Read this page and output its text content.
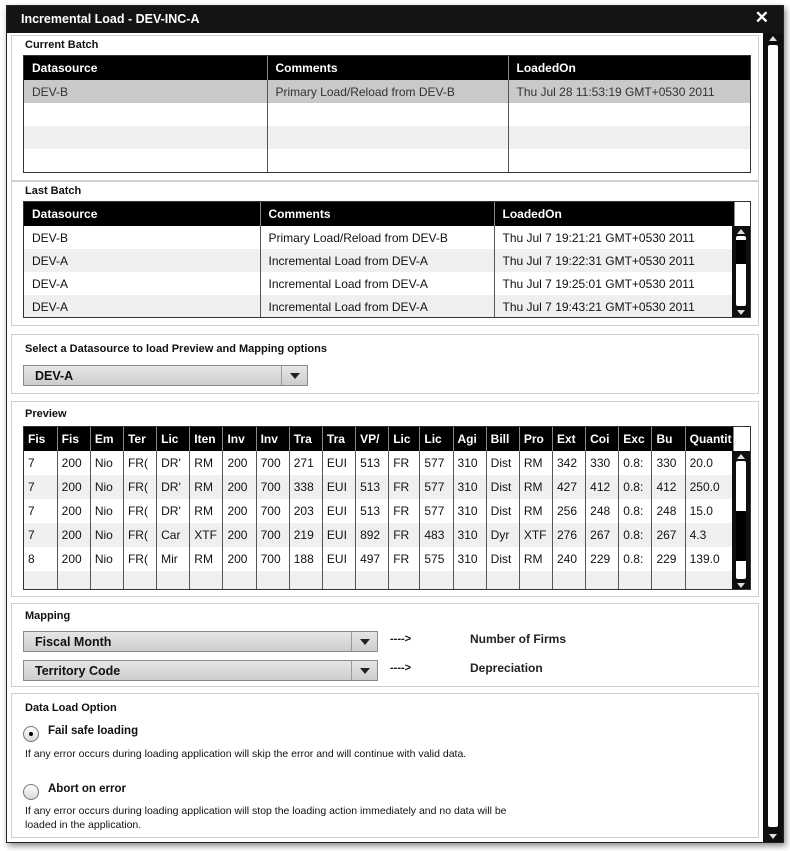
Incremental Load - DEV-INC-A	✕
Current Batch
Datasource	Comments	LoadedOn
DEV-B	Primary Load/Reload from DEV-B	Thu Jul 28 11:53:19 GMT+0530 2011

Last Batch
Datasource	Comments	LoadedOn
DEV-B	Primary Load/Reload from DEV-B	Thu Jul 7 19:21:21 GMT+0530 2011
DEV-A	Incremental Load from DEV-A	Thu Jul 7 19:22:31 GMT+0530 2011
DEV-A	Incremental Load from DEV-A	Thu Jul 7 19:25:01 GMT+0530 2011
DEV-A	Incremental Load from DEV-A	Thu Jul 7 19:43:21 GMT+0530 2011
Select a Datasource to load Preview and Mapping options
DEV-A
Preview
Fis	Fis	Em	Ter	Lic	Iten	Inv	Inv	Tra	Tra	VP/	Lic	Lic	Agi	Bill	Pro	Ext	Coi	Exc	Bu	Quantit
7	200	Nio	FR(	DR'	RM	200	700	271	EUI	513	FR	577	310	Dist	RM	342	330	0.8:	330	20.0
7	200	Nio	FR(	DR'	RM	200	700	338	EUI	513	FR	577	310	Dist	RM	427	412	0.8:	412	250.0
7	200	Nio	FR(	DR'	RM	200	700	203	EUI	513	FR	577	310	Dist	RM	256	248	0.8:	248	15.0
7	200	Nio	FR(	Car	XTF	200	700	219	EUI	892	FR	483	310	Dyr	XTF	276	267	0.8:	267	4.3
8	200	Nio	FR(	Mir	RM	200	700	188	EUI	497	FR	575	310	Dist	RM	240	229	0.8:	229	139.0

Mapping
Fiscal Month	---->	Number of Firms
Territory Code	---->	Depreciation
Data Load Option
Fail safe loading
If any error occurs during loading application will skip the error and will continue with valid data.
Abort on error
If any error occurs during loading application will stop the loading action immediately and no data will be loaded in the application.
